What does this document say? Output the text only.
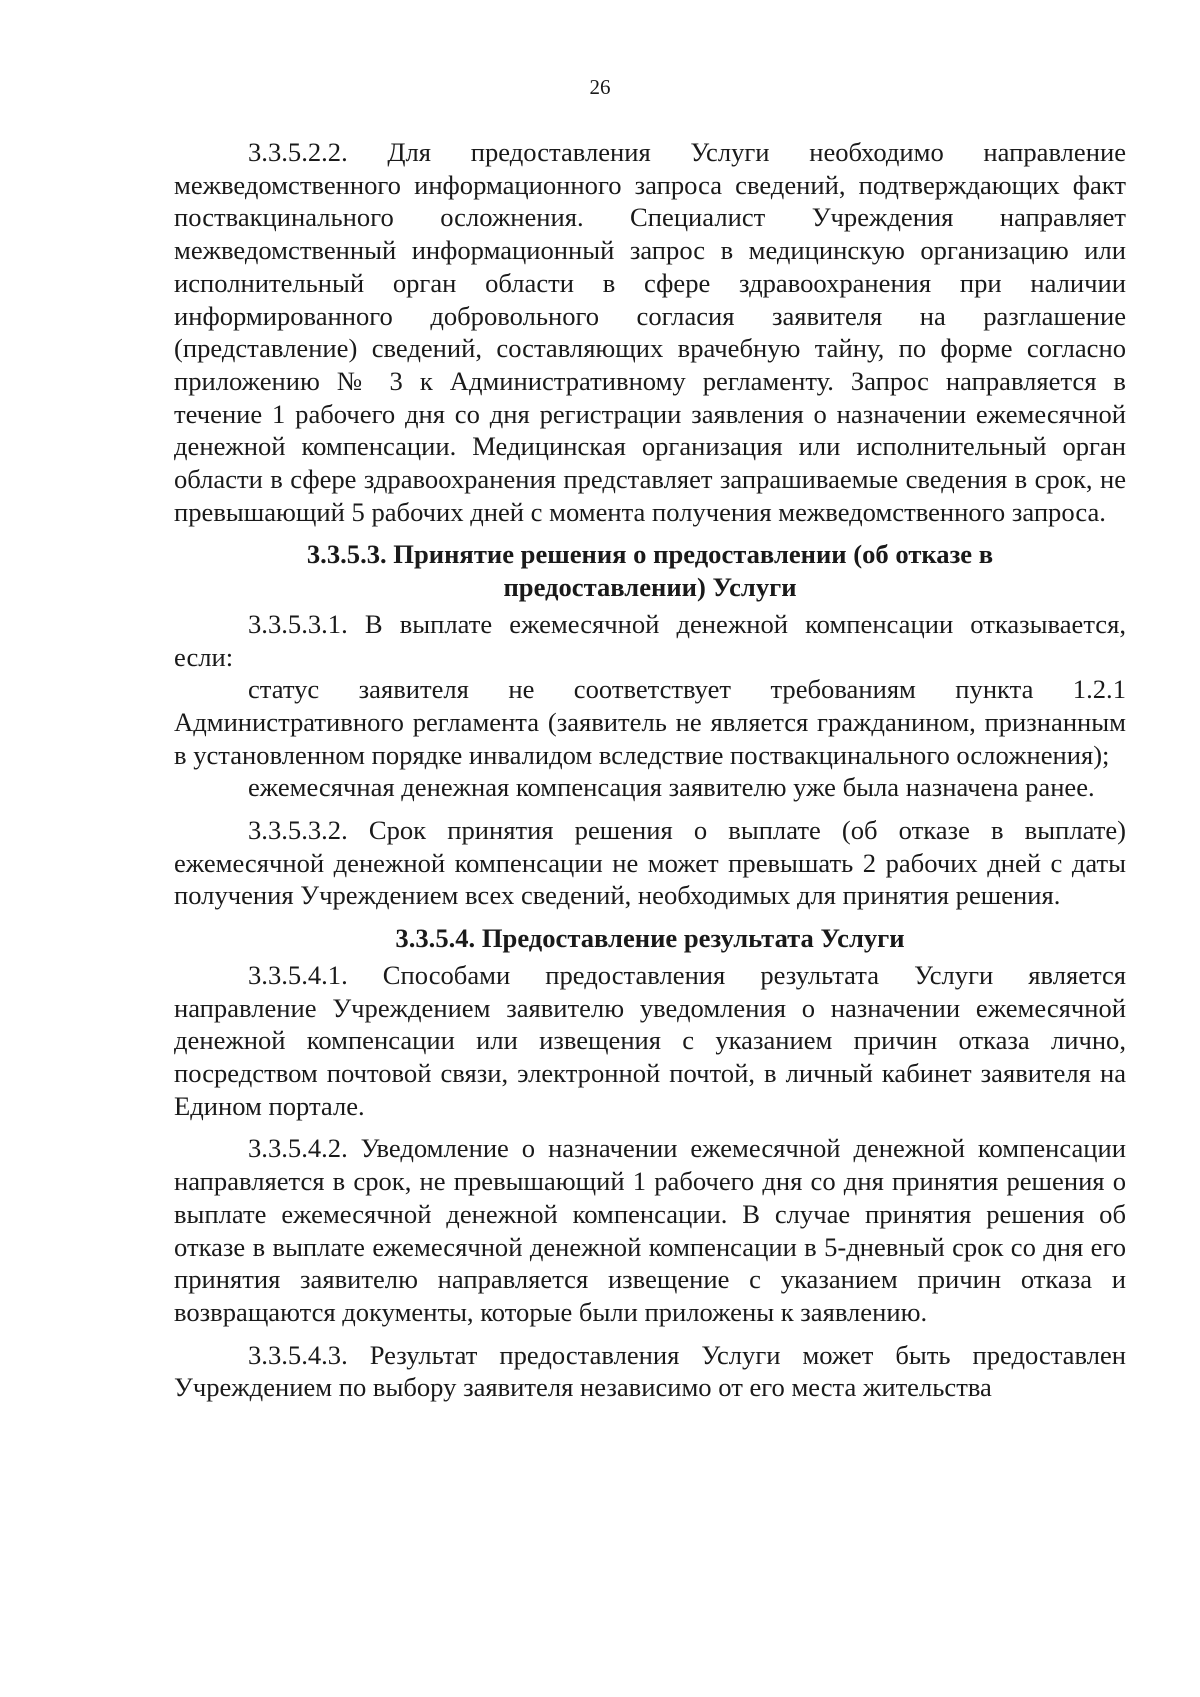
26

3.3.5.2.2. Для предоставления Услуги необходимо направление межведомственного информационного запроса сведений, подтверждающих факт поствакцинального осложнения. Специалист Учреждения направляет межведомственный информационный запрос в медицинскую организацию или исполнительный орган области в сфере здравоохранения при наличии информированного добровольного согласия заявителя на разглашение (представление) сведений, составляющих врачебную тайну, по форме согласно приложению № 3 к Административному регламенту. Запрос направляется в течение 1 рабочего дня со дня регистрации заявления о назначении ежемесячной денежной компенсации. Медицинская организация или исполнительный орган области в сфере здравоохранения представляет запрашиваемые сведения в срок, не превышающий 5 рабочих дней с момента получения межведомственного запроса.

3.3.5.3. Принятие решения о предоставлении (об отказе в
предоставлении) Услуги

3.3.5.3.1. В выплате ежемесячной денежной компенсации отказывается, если:

статус заявителя не соответствует требованиям пункта 1.2.1 Административного регламента (заявитель не является гражданином, признанным в установленном порядке инвалидом вследствие поствакцинального осложнения);

ежемесячная денежная компенсация заявителю уже была назначена ранее.

3.3.5.3.2. Срок принятия решения о выплате (об отказе в выплате) ежемесячной денежной компенсации не может превышать 2 рабочих дней с даты получения Учреждением всех сведений, необходимых для принятия решения.

3.3.5.4. Предоставление результата Услуги

3.3.5.4.1. Способами предоставления результата Услуги является направление Учреждением заявителю уведомления о назначении ежемесячной денежной компенсации или извещения с указанием причин отказа лично, посредством почтовой связи, электронной почтой, в личный кабинет заявителя на Едином портале.

3.3.5.4.2. Уведомление о назначении ежемесячной денежной компенсации направляется в срок, не превышающий 1 рабочего дня со дня принятия решения о выплате ежемесячной денежной компенсации. В случае принятия решения об отказе в выплате ежемесячной денежной компенсации в 5-дневный срок со дня его принятия заявителю направляется извещение с указанием причин отказа и возвращаются документы, которые были приложены к заявлению.

3.3.5.4.3. Результат предоставления Услуги может быть предоставлен Учреждением по выбору заявителя независимо от его места жительства
